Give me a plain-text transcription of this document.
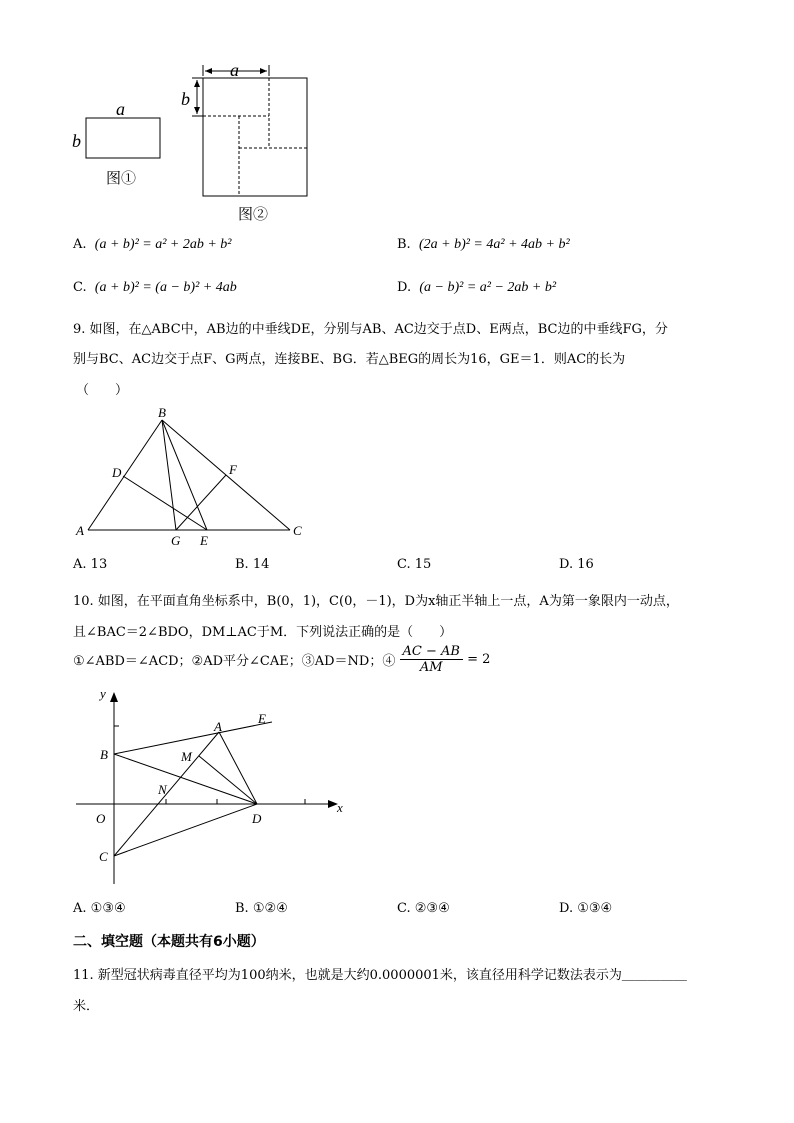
a
b
图①
a
b
图②
A. (a + b)² = a² + 2ab + b²	B. (2a + b)² = 4a² + 4ab + b²
C. (a + b)² = (a − b)² + 4ab	D. (a − b)² = a² − 2ab + b²
9. 如图，在△ABC中，AB边的中垂线DE，分别与AB、AC边交于点D、E两点，BC边的中垂线FG，分
别与BC、AC边交于点F、G两点，连接BE、BG．若△BEG的周长为16，GE＝1．则AC的长为
（　　）
B
D	F
A
G E
C
A. 13	B. 14	C. 15	D. 16
10. 如图，在平面直角坐标系中，B(0，1)，C(0，－1)，D为x轴正半轴上一点，A为第一象限内一动点，
且∠BAC＝2∠BDO，DM⊥AC于M．下列说法正确的是（　　）
①∠ABD＝∠ACD；②AD平分∠CAE；③AD＝ND；④ $\frac{AC - AB}{AM} = 2$
y
A
E
B	M
N
O	D
x
C
A. ①③④	B. ①②④	C. ②③④	D. ①③④
二、填空题（本题共有6小题）
11. 新型冠状病毒直径平均为100纳米，也就是大约0.0000001米，该直径用科学记数法表示为＿＿＿＿＿
米．
